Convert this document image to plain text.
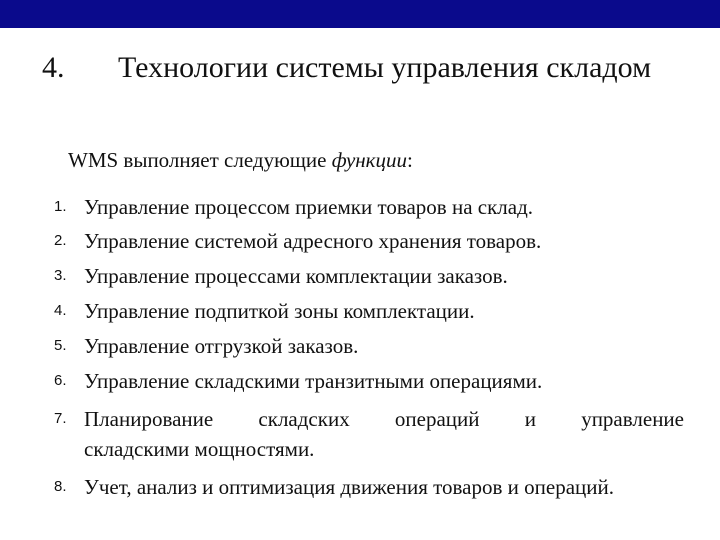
4. Технологии системы управления складом
WMS выполняет следующие функции:
1. Управление процессом приемки товаров на склад.
2. Управление системой адресного хранения товаров.
3. Управление процессами комплектации заказов.
4. Управление подпиткой зоны комплектации.
5. Управление отгрузкой заказов.
6. Управление складскими транзитными операциями.
7. Планирование складских операций и управление
складскими мощностями.
8. Учет, анализ и оптимизация движения товаров и операций.
